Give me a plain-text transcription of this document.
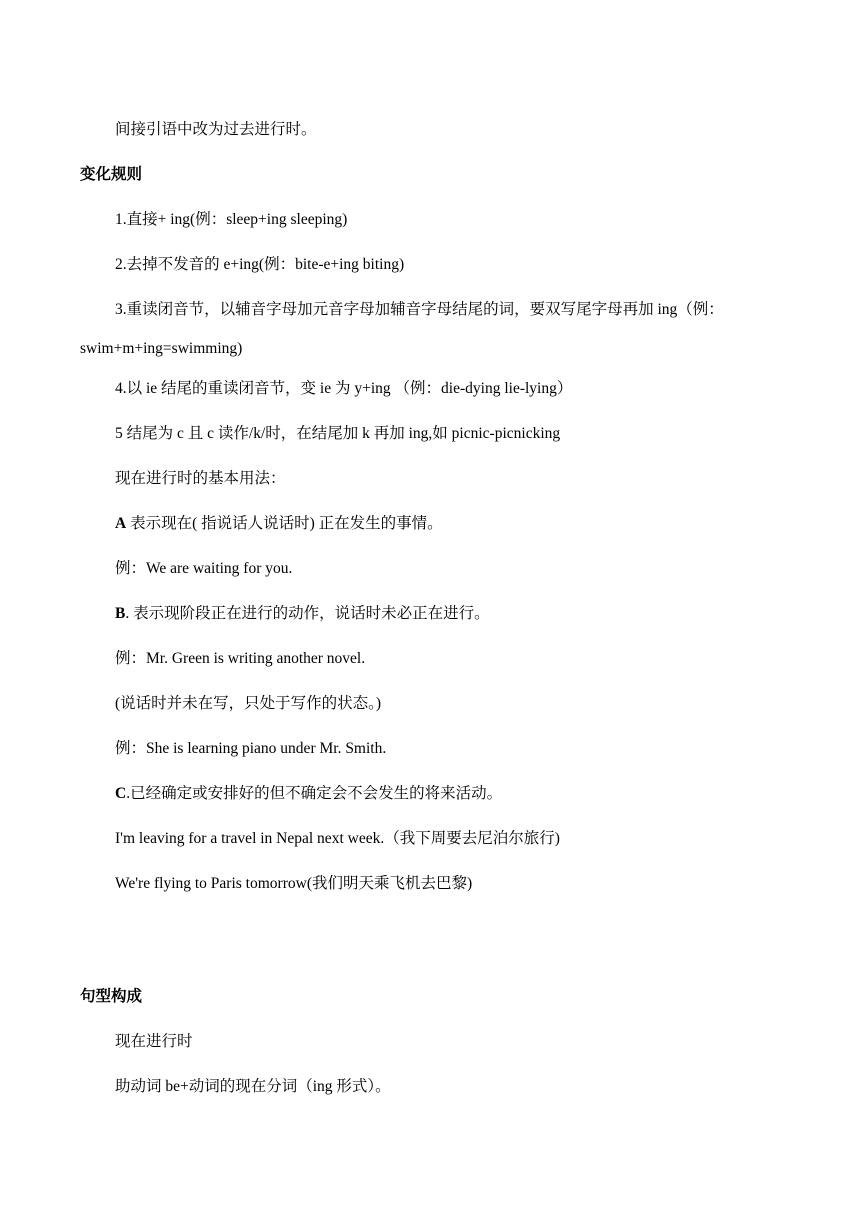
间接引语中改为过去进行时。
变化规则
1.直接+ ing(例：sleep+ing sleeping)
2.去掉不发音的 e+ing(例：bite-e+ing biting)
3.重读闭音节，以辅音字母加元音字母加辅音字母结尾的词，要双写尾字母再加 ing（例：
swim+m+ing=swimming)
4.以 ie 结尾的重读闭音节，变 ie 为 y+ing （例：die-dying lie-lying）
5 结尾为 c 且 c 读作/k/时，在结尾加 k 再加 ing,如 picnic-picnicking
现在进行时的基本用法：
A 表示现在( 指说话人说话时) 正在发生的事情。
例：We are waiting for you.
B. 表示现阶段正在进行的动作，说话时未必正在进行。
例：Mr. Green is writing another novel.
(说话时并未在写，只处于写作的状态。)
例：She is learning piano under Mr. Smith.
C.已经确定或安排好的但不确定会不会发生的将来活动。
I'm leaving for a travel in Nepal next week.（我下周要去尼泊尔旅行)
We're flying to Paris tomorrow(我们明天乘飞机去巴黎)
句型构成
现在进行时
助动词 be+动词的现在分词（ing 形式）。
